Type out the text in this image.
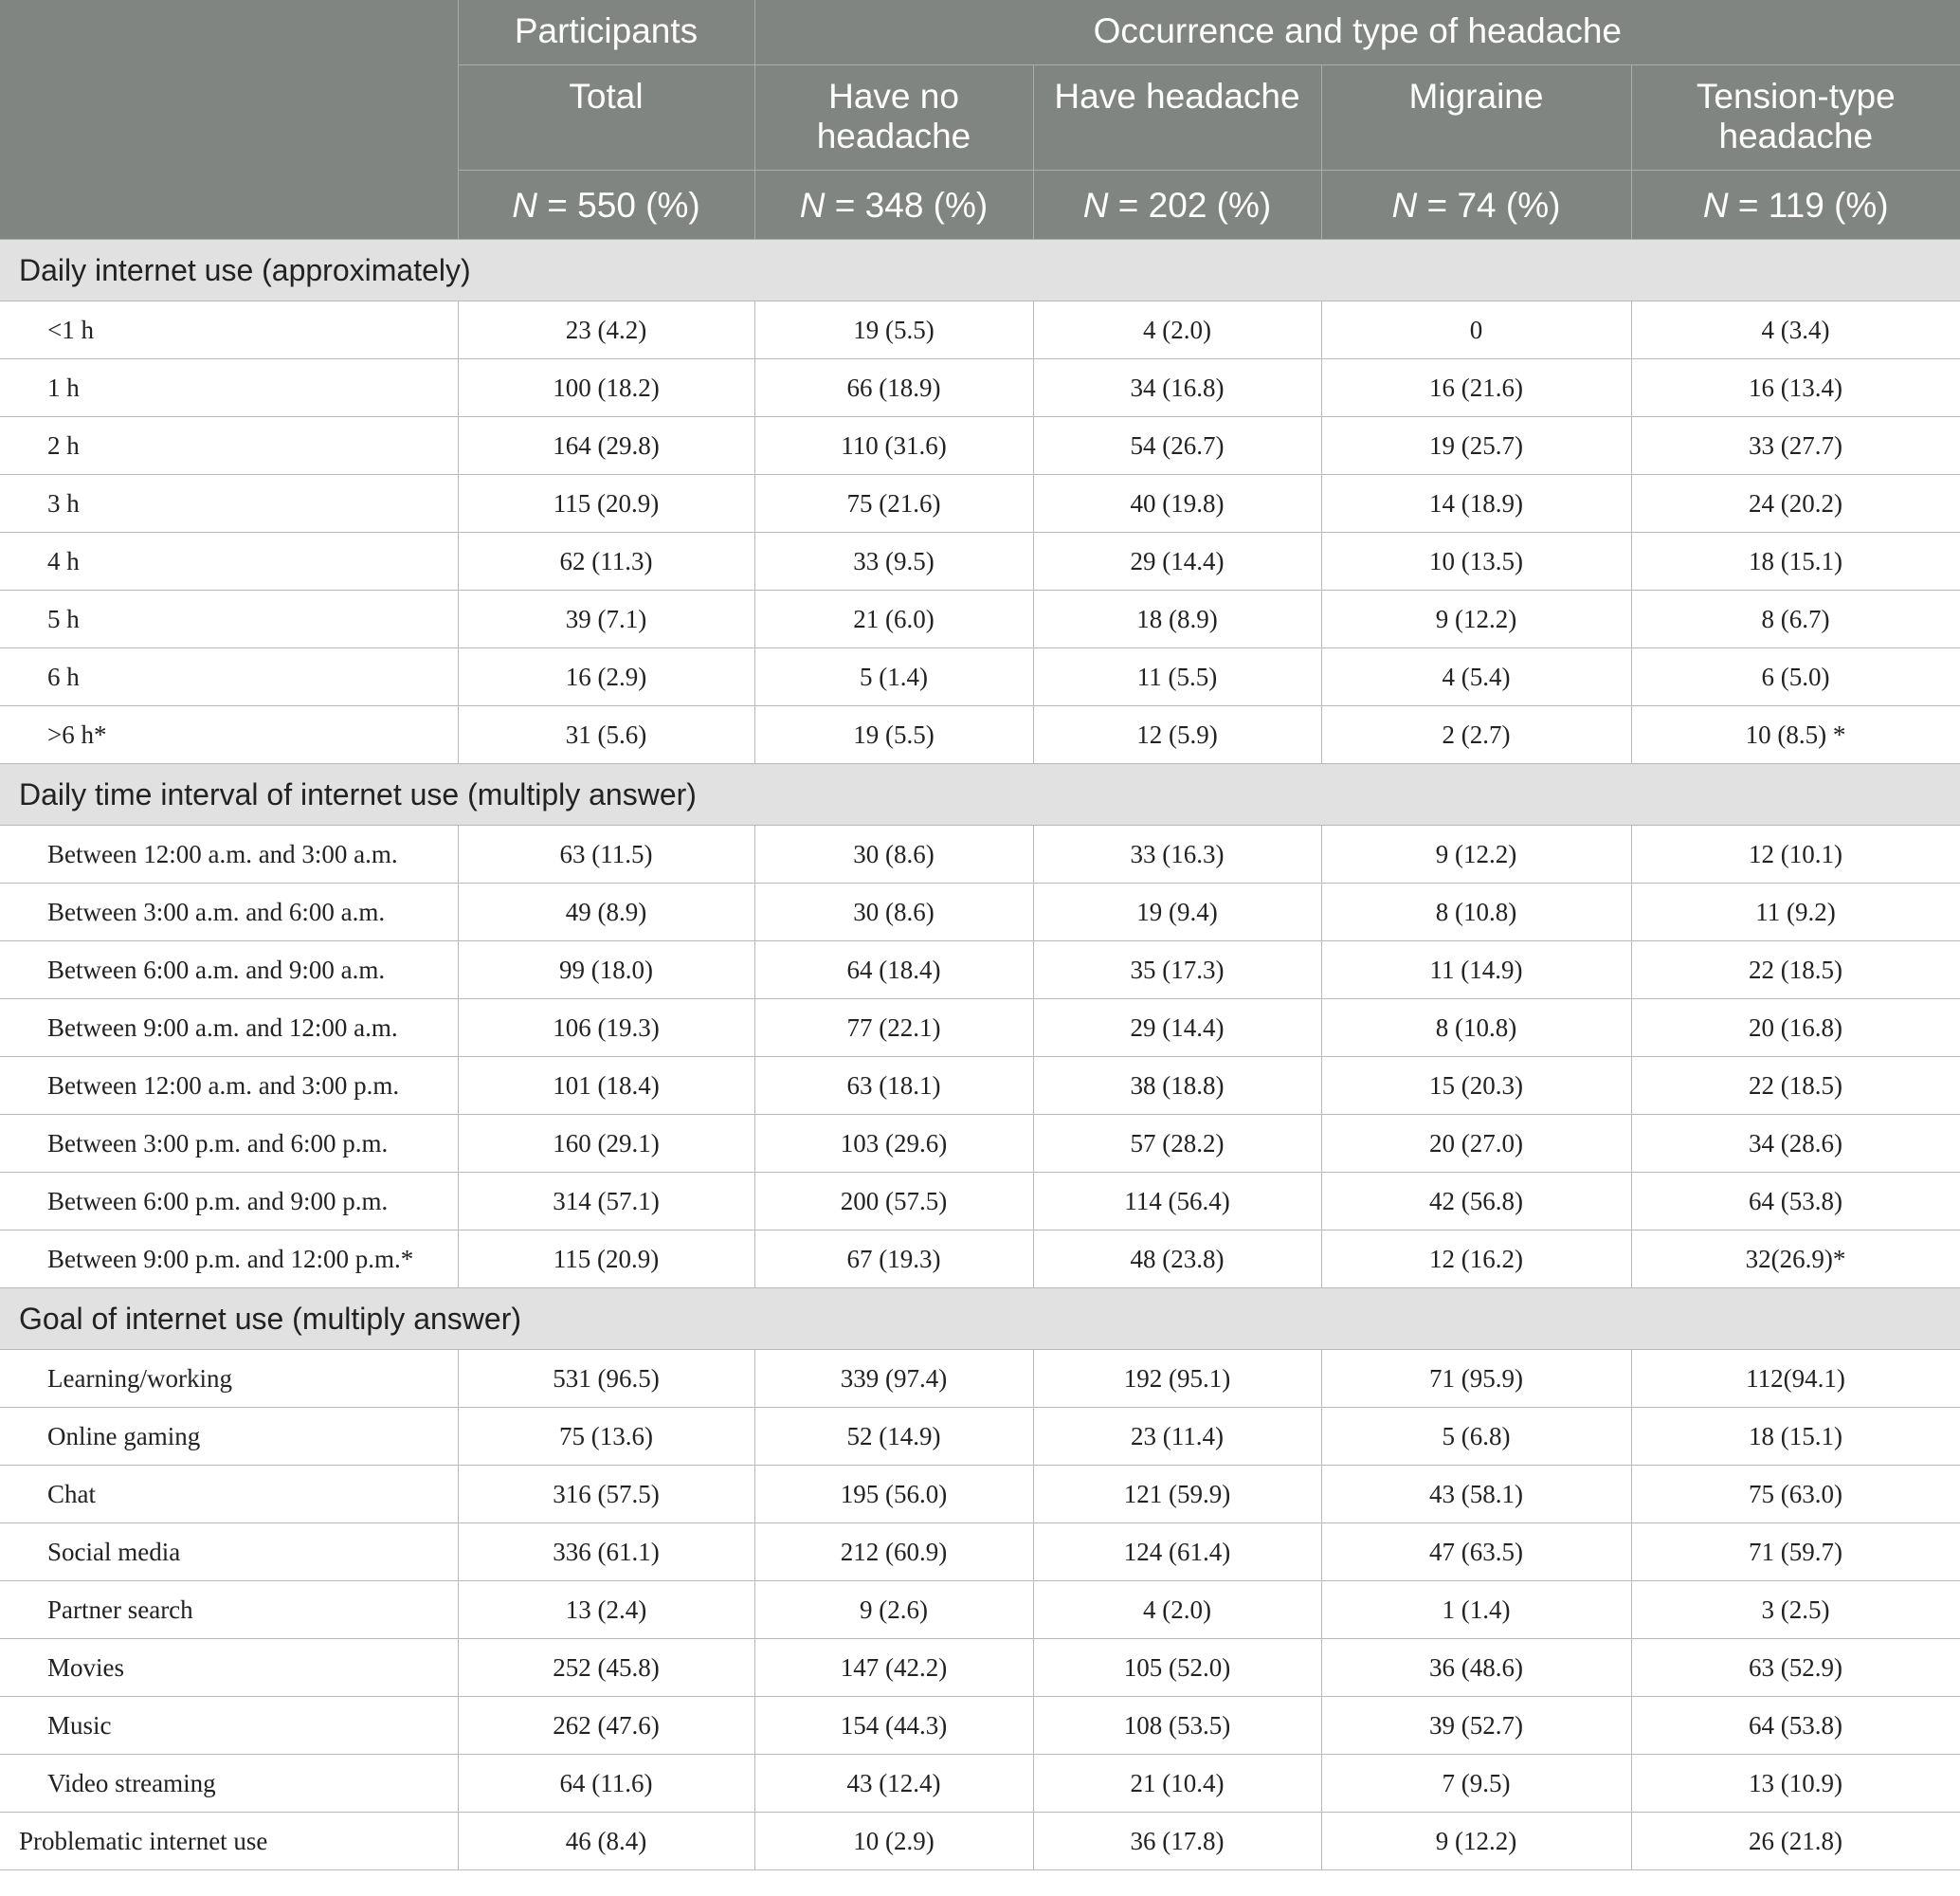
	Participants	Occurrence and type of headache			
	Total	Have no headache	Have headache	Migraine	Tension-type headache
	N = 550 (%)	N = 348 (%)	N = 202 (%)	N = 74 (%)	N = 119 (%)
Daily internet use (approximately)					
<1 h	23 (4.2)	19 (5.5)	4 (2.0)	0	4 (3.4)
1 h	100 (18.2)	66 (18.9)	34 (16.8)	16 (21.6)	16 (13.4)
2 h	164 (29.8)	110 (31.6)	54 (26.7)	19 (25.7)	33 (27.7)
3 h	115 (20.9)	75 (21.6)	40 (19.8)	14 (18.9)	24 (20.2)
4 h	62 (11.3)	33 (9.5)	29 (14.4)	10 (13.5)	18 (15.1)
5 h	39 (7.1)	21 (6.0)	18 (8.9)	9 (12.2)	8 (6.7)
6 h	16 (2.9)	5 (1.4)	11 (5.5)	4 (5.4)	6 (5.0)
>6 h*	31 (5.6)	19 (5.5)	12 (5.9)	2 (2.7)	10 (8.5) *
Daily time interval of internet use (multiply answer)					
Between 12:00 a.m. and 3:00 a.m.	63 (11.5)	30 (8.6)	33 (16.3)	9 (12.2)	12 (10.1)
Between 3:00 a.m. and 6:00 a.m.	49 (8.9)	30 (8.6)	19 (9.4)	8 (10.8)	11 (9.2)
Between 6:00 a.m. and 9:00 a.m.	99 (18.0)	64 (18.4)	35 (17.3)	11 (14.9)	22 (18.5)
Between 9:00 a.m. and 12:00 a.m.	106 (19.3)	77 (22.1)	29 (14.4)	8 (10.8)	20 (16.8)
Between 12:00 a.m. and 3:00 p.m.	101 (18.4)	63 (18.1)	38 (18.8)	15 (20.3)	22 (18.5)
Between 3:00 p.m. and 6:00 p.m.	160 (29.1)	103 (29.6)	57 (28.2)	20 (27.0)	34 (28.6)
Between 6:00 p.m. and 9:00 p.m.	314 (57.1)	200 (57.5)	114 (56.4)	42 (56.8)	64 (53.8)
Between 9:00 p.m. and 12:00 p.m.*	115 (20.9)	67 (19.3)	48 (23.8)	12 (16.2)	32(26.9)*
Goal of internet use (multiply answer)					
Learning/working	531 (96.5)	339 (97.4)	192 (95.1)	71 (95.9)	112(94.1)
Online gaming	75 (13.6)	52 (14.9)	23 (11.4)	5 (6.8)	18 (15.1)
Chat	316 (57.5)	195 (56.0)	121 (59.9)	43 (58.1)	75 (63.0)
Social media	336 (61.1)	212 (60.9)	124 (61.4)	47 (63.5)	71 (59.7)
Partner search	13 (2.4)	9 (2.6)	4 (2.0)	1 (1.4)	3 (2.5)
Movies	252 (45.8)	147 (42.2)	105 (52.0)	36 (48.6)	63 (52.9)
Music	262 (47.6)	154 (44.3)	108 (53.5)	39 (52.7)	64 (53.8)
Video streaming	64 (11.6)	43 (12.4)	21 (10.4)	7 (9.5)	13 (10.9)
Problematic internet use	46 (8.4)	10 (2.9)	36 (17.8)	9 (12.2)	26 (21.8)
